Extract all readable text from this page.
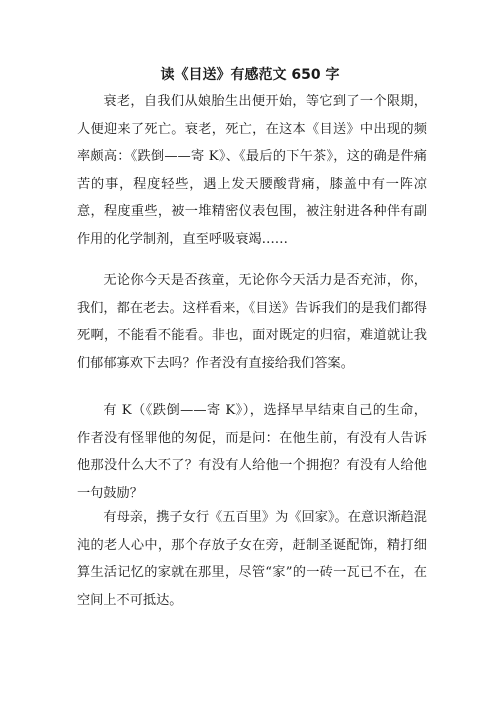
读《目送》有感范文 650 字

衰老，自我们从娘胎生出便开始，等它到了一个限期，人便迎来了死亡。衰老，死亡，在这本《目送》中出现的频率颇高：《跌倒——寄 K》、《最后的下午茶》，这的确是件痛苦的事，程度轻些，遇上发天腰酸背痛，膝盖中有一阵凉意，程度重些，被一堆精密仪表包围，被注射进各种伴有副作用的化学制剂，直至呼吸衰竭……

无论你今天是否孩童，无论你今天活力是否充沛，你，我们，都在老去。这样看来，《目送》告诉我们的是我们都得死啊，不能看不能看。非也，面对既定的归宿，难道就让我们郁郁寡欢下去吗？作者没有直接给我们答案。

有 K（《跌倒——寄 K》），选择早早结束自己的生命，作者没有怪罪他的匆促，而是问：在他生前，有没有人告诉他那没什么大不了？有没有人给他一个拥抱？有没有人给他一句鼓励？

有母亲，携子女行《五百里》为《回家》。在意识渐趋混沌的老人心中，那个存放子女在旁，赶制圣诞配饰，精打细算生活记忆的家就在那里，尽管“家”的一砖一瓦已不在，在空间上不可抵达。
